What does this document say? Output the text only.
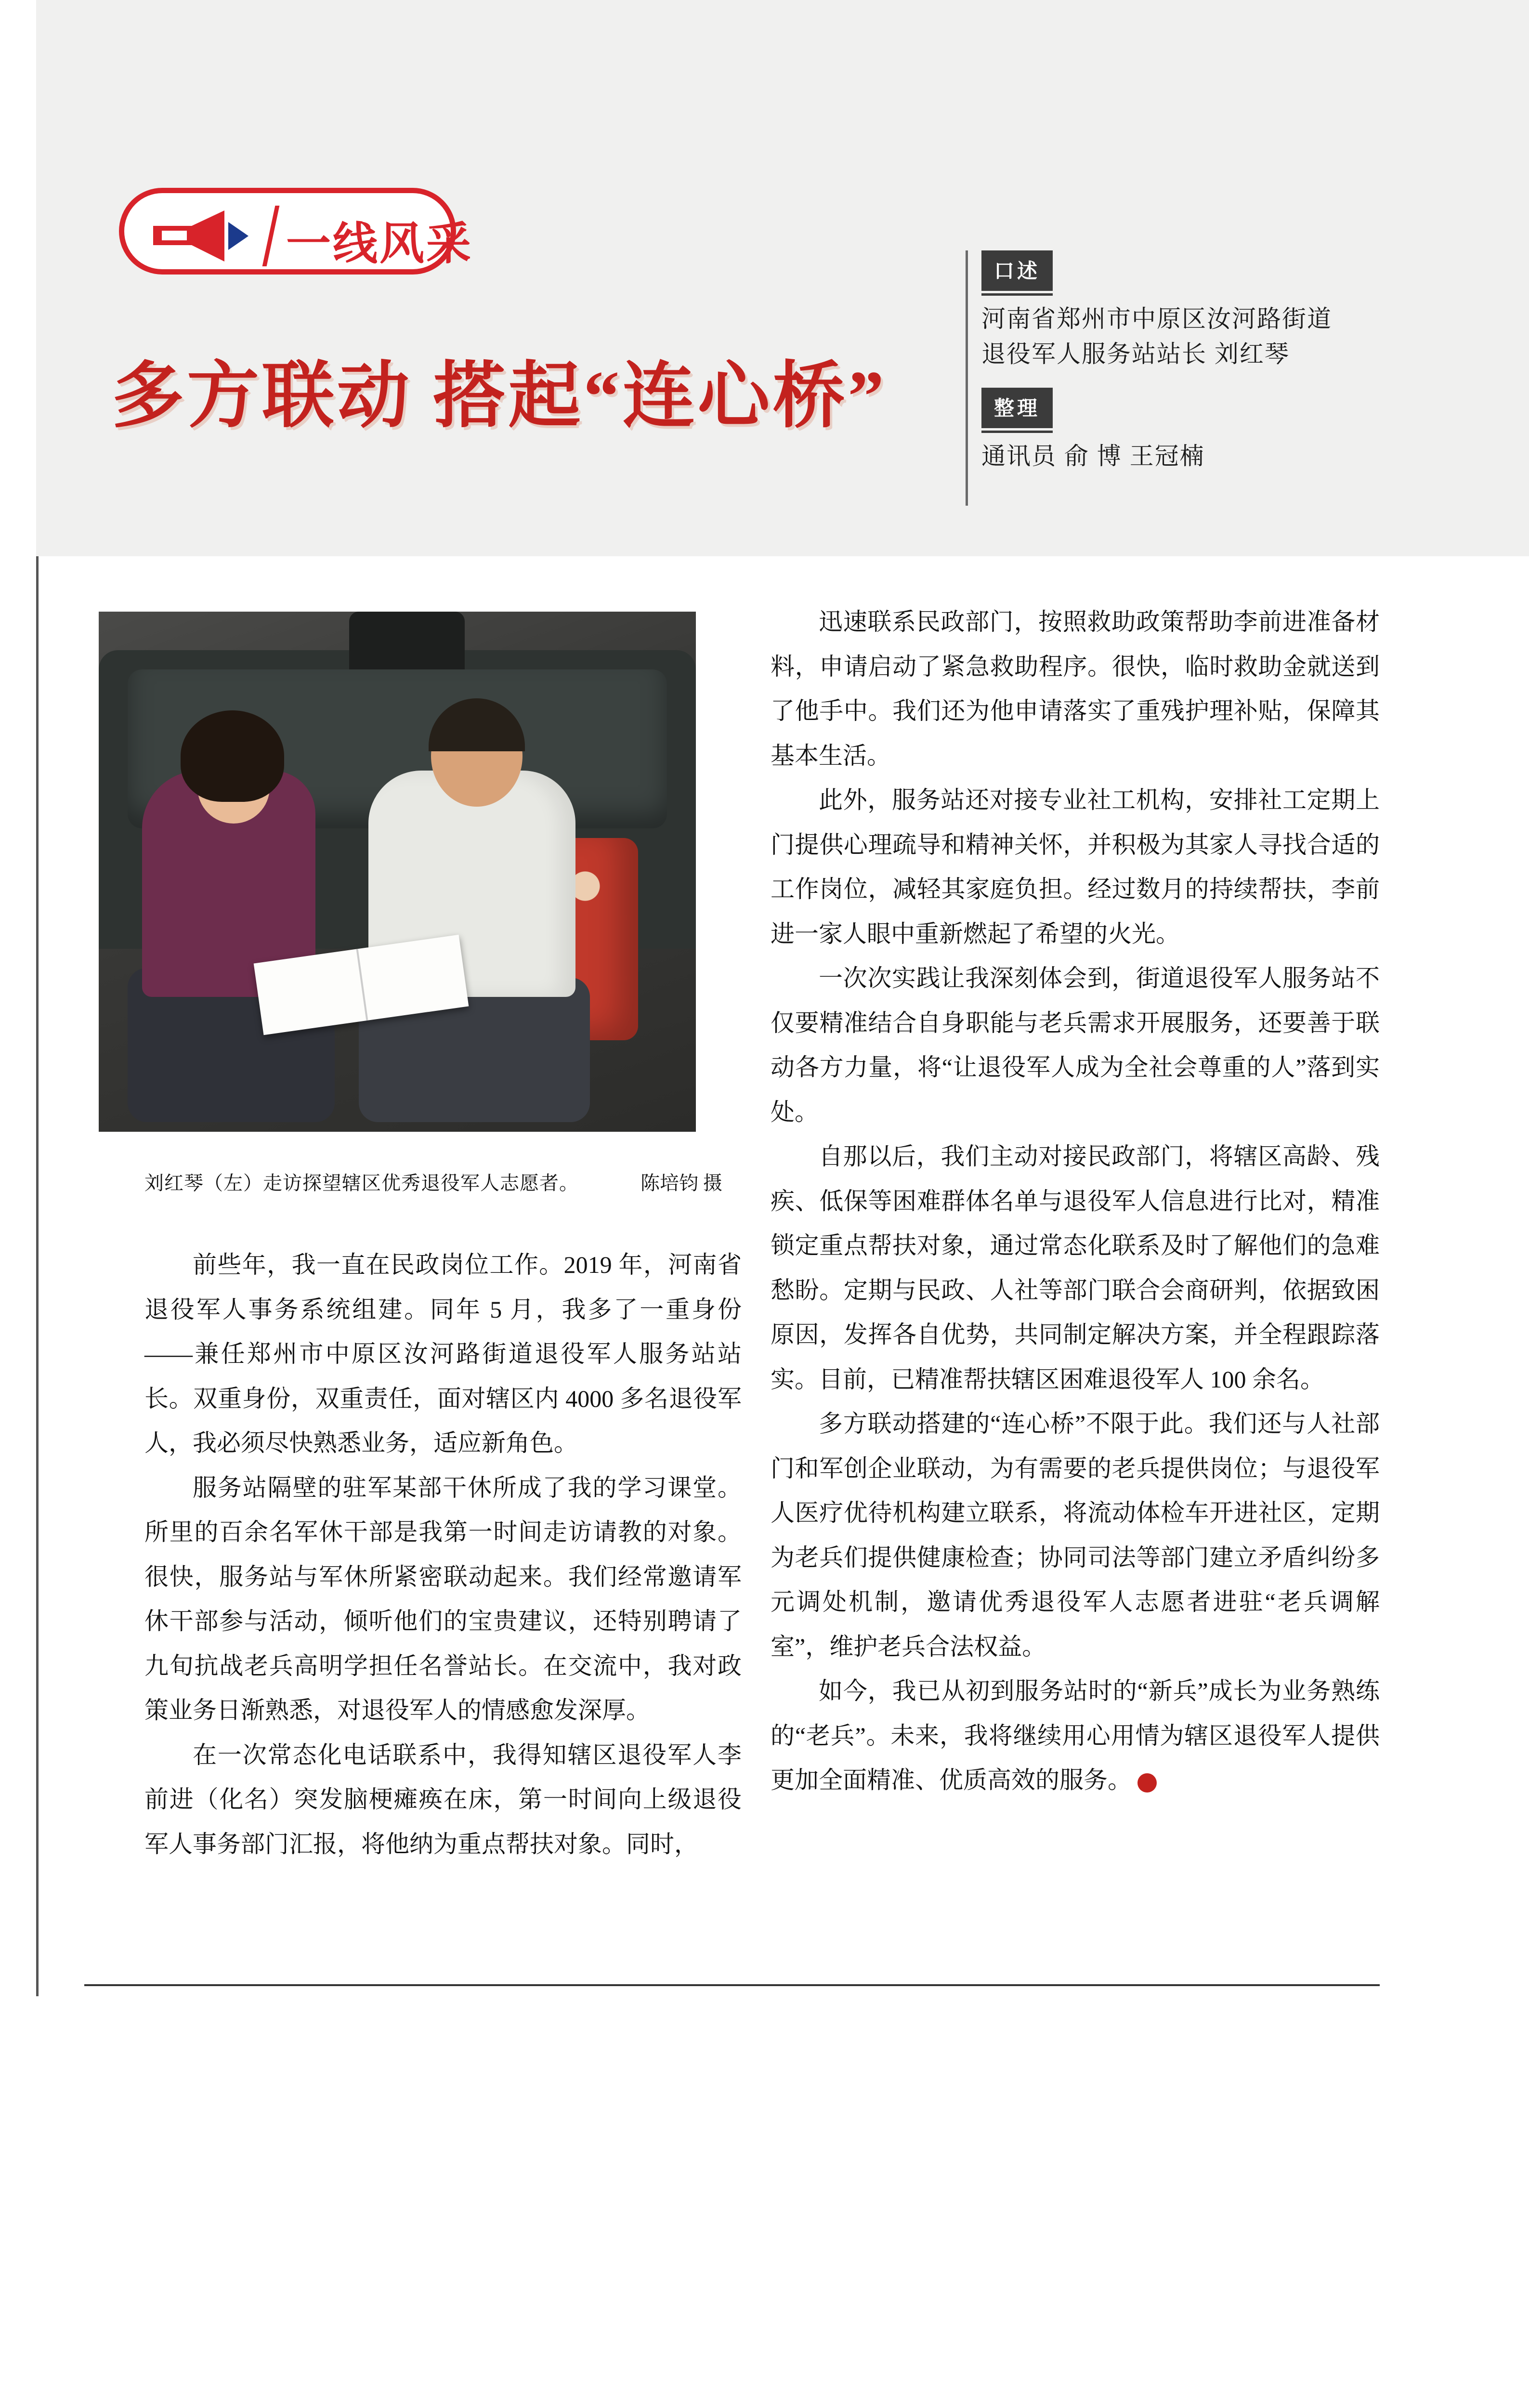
一线风采
多方联动 搭起“连心桥”
口述
河南省郑州市中原区汝河路街道
退役军人服务站站长 刘红琴
整理
通讯员 俞 博 王冠楠
刘红琴（左）走访探望辖区优秀退役军人志愿者。	陈培钧 摄

前些年，我一直在民政岗位工作。2019 年，河南省退役军人事务系统组建。同年 5 月，我多了一重身份——兼任郑州市中原区汝河路街道退役军人服务站站长。双重身份，双重责任，面对辖区内 4000 多名退役军人，我必须尽快熟悉业务，适应新角色。

服务站隔壁的驻军某部干休所成了我的学习课堂。所里的百余名军休干部是我第一时间走访请教的对象。很快，服务站与军休所紧密联动起来。我们经常邀请军休干部参与活动，倾听他们的宝贵建议，还特别聘请了九旬抗战老兵高明学担任名誉站长。在交流中，我对政策业务日渐熟悉，对退役军人的情感愈发深厚。

在一次常态化电话联系中，我得知辖区退役军人李前进（化名）突发脑梗瘫痪在床，第一时间向上级退役军人事务部门汇报，将他纳为重点帮扶对象。同时，

迅速联系民政部门，按照救助政策帮助李前进准备材料，申请启动了紧急救助程序。很快，临时救助金就送到了他手中。我们还为他申请落实了重残护理补贴，保障其基本生活。

此外，服务站还对接专业社工机构，安排社工定期上门提供心理疏导和精神关怀，并积极为其家人寻找合适的工作岗位，减轻其家庭负担。经过数月的持续帮扶，李前进一家人眼中重新燃起了希望的火光。

一次次实践让我深刻体会到，街道退役军人服务站不仅要精准结合自身职能与老兵需求开展服务，还要善于联动各方力量，将“让退役军人成为全社会尊重的人”落到实处。

自那以后，我们主动对接民政部门，将辖区高龄、残疾、低保等困难群体名单与退役军人信息进行比对，精准锁定重点帮扶对象，通过常态化联系及时了解他们的急难愁盼。定期与民政、人社等部门联合会商研判，依据致困原因，发挥各自优势，共同制定解决方案，并全程跟踪落实。目前，已精准帮扶辖区困难退役军人 100 余名。

多方联动搭建的“连心桥”不限于此。我们还与人社部门和军创企业联动，为有需要的老兵提供岗位；与退役军人医疗优待机构建立联系，将流动体检车开进社区，定期为老兵们提供健康检查；协同司法等部门建立矛盾纠纷多元调处机制，邀请优秀退役军人志愿者进驻“老兵调解室”，维护老兵合法权益。

如今，我已从初到服务站时的“新兵”成长为业务熟练的“老兵”。未来，我将继续用心用情为辖区退役军人提供更加全面精准、优质高效的服务。	▼
